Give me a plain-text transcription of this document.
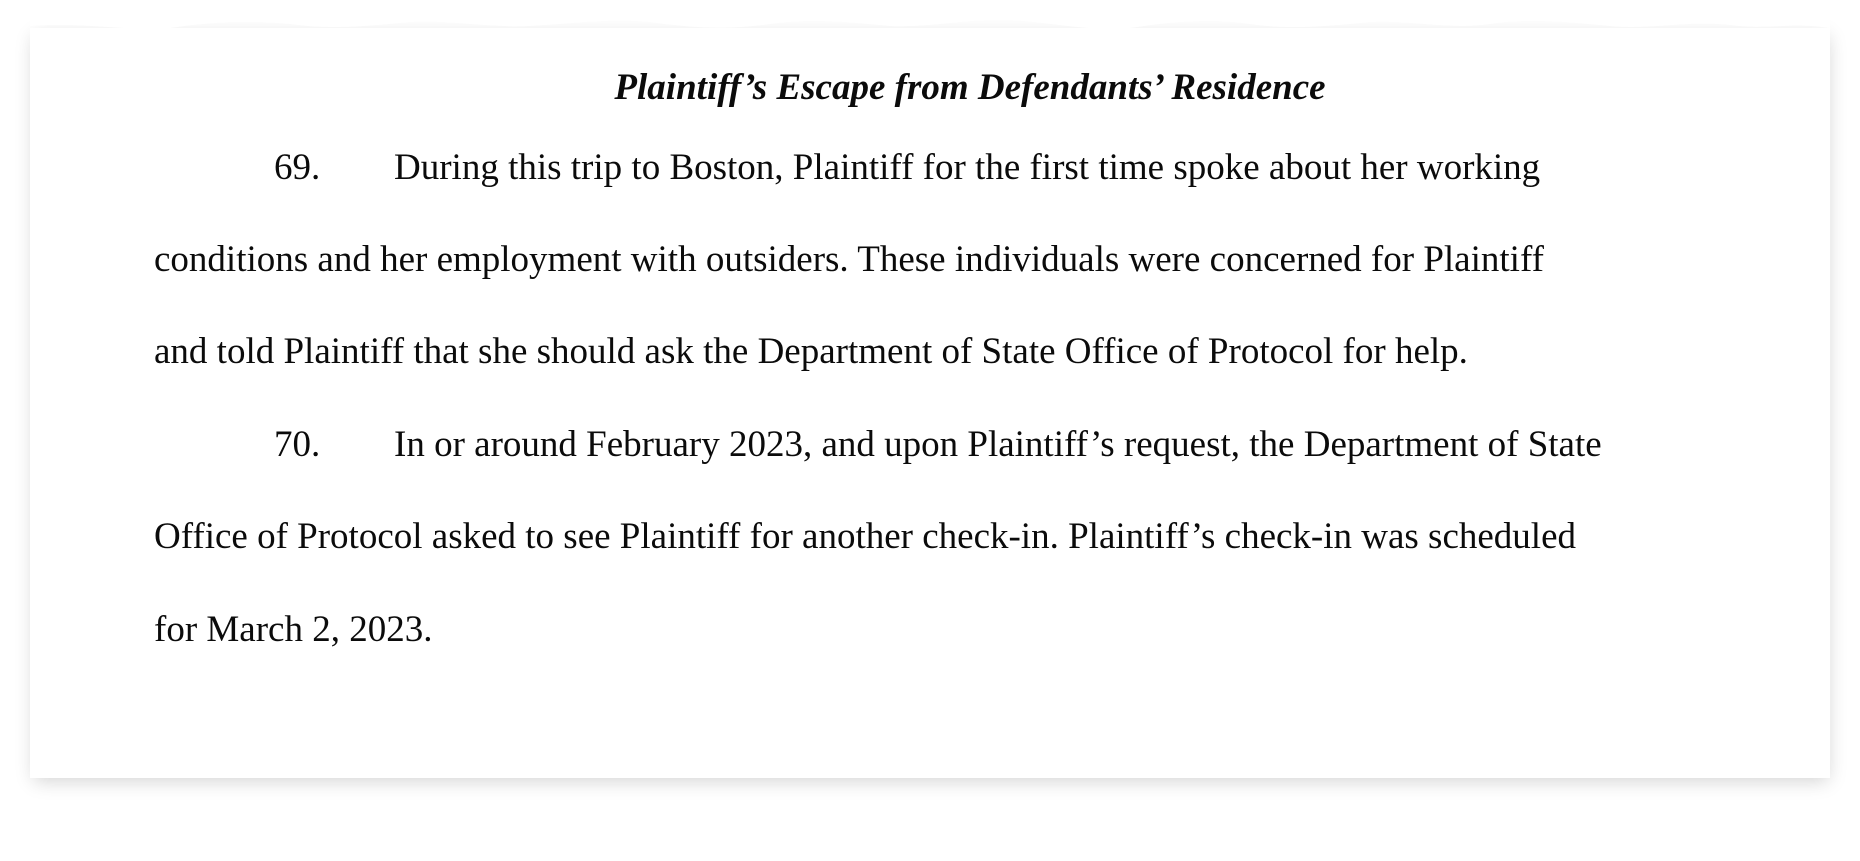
Plaintiff’s Escape from Defendants’ Residence
69. During this trip to Boston, Plaintiff for the first time spoke about her working
conditions and her employment with outsiders. These individuals were concerned for Plaintiff
and told Plaintiff that she should ask the Department of State Office of Protocol for help.
70. In or around February 2023, and upon Plaintiff’s request, the Department of State
Office of Protocol asked to see Plaintiff for another check-in. Plaintiff’s check-in was scheduled
for March 2, 2023.
